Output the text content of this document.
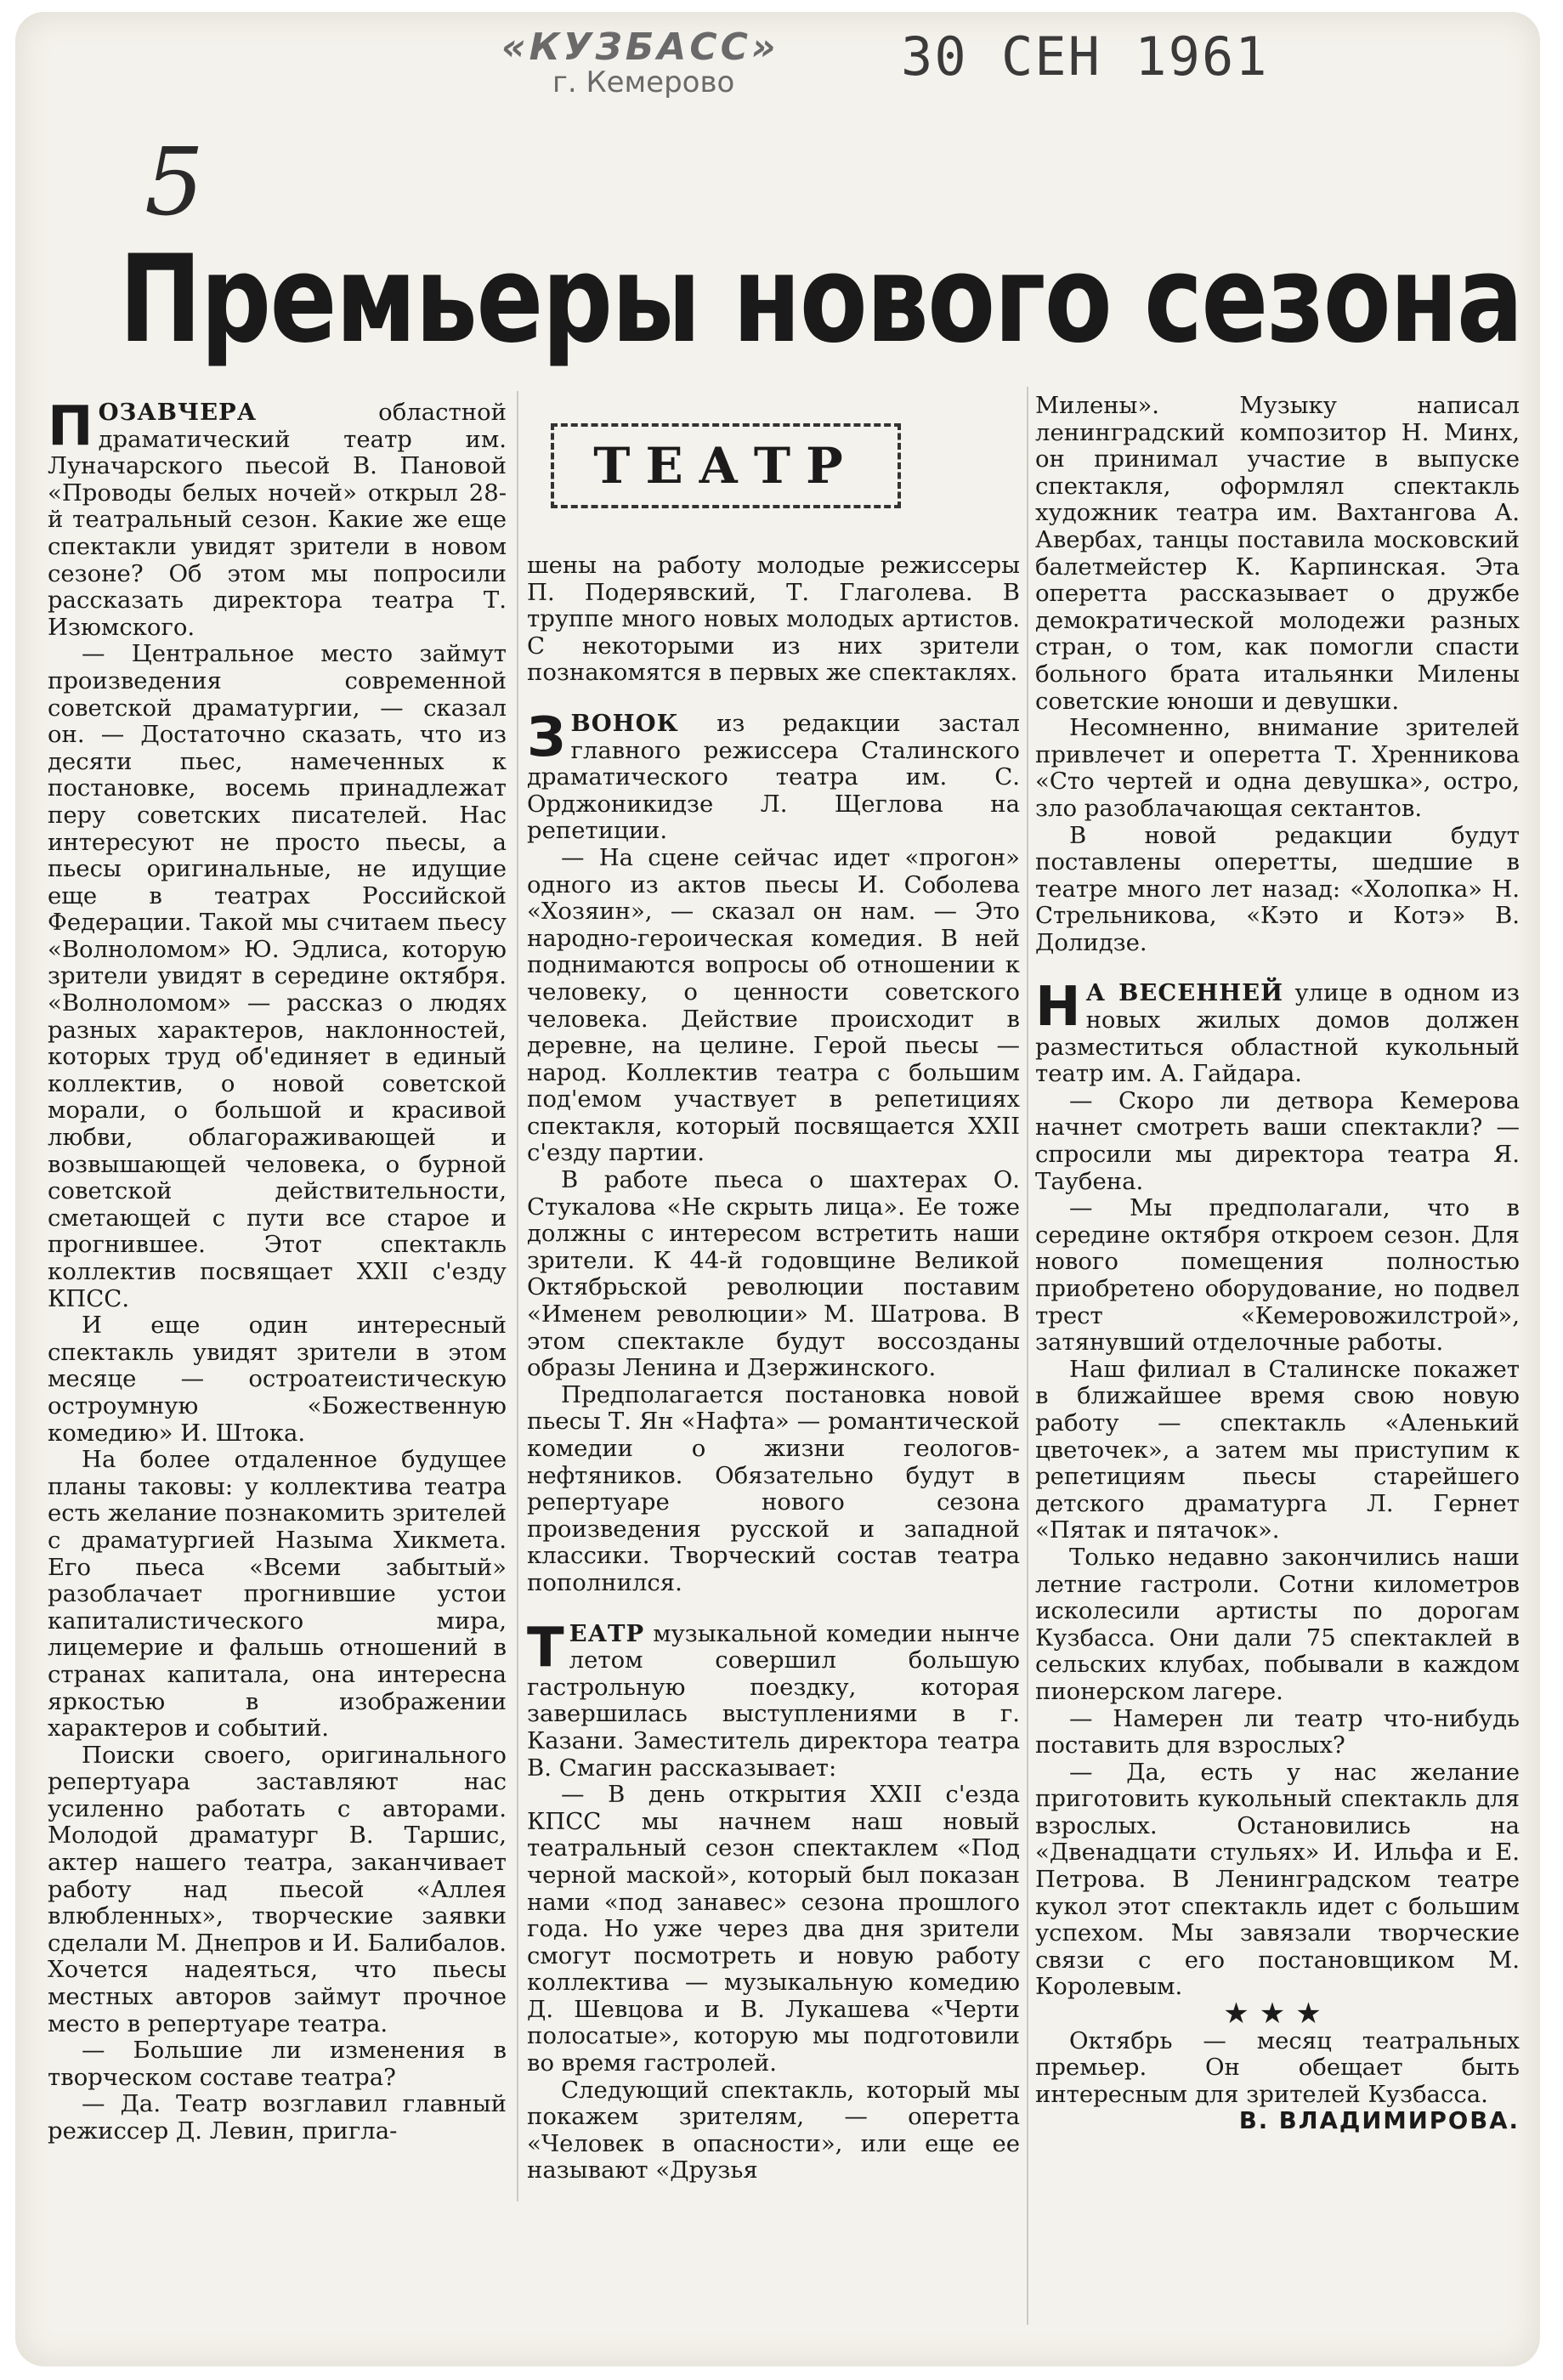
«КУЗБАСС»
г. Кемерово	30 СЕН 1961
5
Премьеры нового сезона
ТЕАТР

ПОЗАВЧЕРА областной драматический театр им. Луначарского пьесой В. Пановой «Проводы белых ночей» открыл 28-й театральный сезон. Какие же еще спектакли увидят зрители в новом сезоне? Об этом мы попросили рассказать директора театра Т. Изюмского.

— Центральное место займут произведения современной советской драматургии, — сказал он. — Достаточно сказать, что из десяти пьес, намеченных к постановке, восемь принадлежат перу советских писателей. Нас интересуют не просто пьесы, а пьесы оригинальные, не идущие еще в театрах Российской Федерации. Такой мы считаем пьесу «Волноломом» Ю. Эдлиса, которую зрители увидят в середине октября. «Волноломом» — рассказ о людях разных характеров, наклонностей, которых труд об'единяет в единый коллектив, о новой советской морали, о большой и красивой любви, облагораживающей и возвышающей человека, о бурной советской действительности, сметающей с пути все старое и прогнившее. Этот спектакль коллектив посвящает XXII с'езду КПСС.

И еще один интересный спектакль увидят зрители в этом месяце — остроатеистическую острoумную «Божественную комедию» И. Штока.

На более отдаленное будущее планы таковы: у коллектива театра есть желание познакомить зрителей с драматургией Назыма Хикмета. Его пьеса «Всеми забытый» разоблачает прогнившие устои капиталистического мира, лицемерие и фальшь отношений в странах капитала, она интересна яркостью в изображении характеров и событий.

Поиски своего, оригинального репертуара заставляют нас усиленно работать с авторами. Молодой драматург В. Таршис, актер нашего театра, заканчивает работу над пьесой «Аллея влюбленных», творческие заявки сделали М. Днепров и И. Балибалов. Хочется надеяться, что пьесы местных авторов займут прочное место в репертуаре театра.

— Большие ли изменения в творческом составе театра?

— Да. Театр возглавил главный режиссер Д. Левин, пригла-

шены на работу молодые режиссеры П. Подерявский, Т. Глаголева. В труппе много новых молодых артистов. С некоторыми из них зрители познакомятся в первых же спектаклях.

ЗВОНОК из редакции застал главного режиссера Сталинского драматического театра им. С. Орджоникидзе Л. Щеглова на репетиции.

— На сцене сейчас идет «прогон» одного из актов пьесы И. Соболева «Хозяин», — сказал он нам. — Это народно-героическая комедия. В ней поднимаются вопросы об отношении к человеку, о ценности советского человека. Действие происходит в деревне, на целине. Герой пьесы — народ. Коллектив театра с большим под'емом участвует в репетициях спектакля, который посвящается XXII с'езду партии.

В работе пьеса о шахтерах О. Стукалова «Не скрыть лица». Ее тоже должны с интересом встретить наши зрители. К 44-й годовщине Великой Октябрьской революции поставим «Именем революции» М. Шатрова. В этом спектакле будут воссозданы образы Ленина и Дзержинского.

Предполагается постановка новой пьесы Т. Ян «Нафта» — романтической комедии о жизни геологов-нефтяников. Обязательно будут в репертуаре нового сезона произведения русской и западной классики. Творческий состав театра пополнился.

ТЕАТР музыкальной комедии нынче летом совершил большую гастрольную поездку, которая завершилась выступлениями в г. Казани. Заместитель директора театра В. Смагин рассказывает:

— В день открытия XXII с'езда КПСС мы начнем наш новый театральный сезон спектаклем «Под черной маской», который был показан нами «под занавес» сезона прошлого года. Но уже через два дня зрители смогут посмотреть и новую работу коллектива — музыкальную комедию Д. Шевцова и В. Лукашева «Черти полосатые», которую мы подготовили во время гастролей.

Следующий спектакль, который мы покажем зрителям, — оперетта «Человек в опасности», или еще ее называют «Друзья

Милены». Музыку написал ленинградский композитор Н. Минх, он принимал участие в выпуске спектакля, оформлял спектакль художник театра им. Вахтангова А. Авербах, танцы поставила московский балетмейстер К. Карпинская. Эта оперетта рассказывает о дружбе демократической молодежи разных стран, о том, как помогли спасти больного брата итальянки Милены советские юноши и девушки.

Несомненно, внимание зрителей привлечет и оперетта Т. Хренникова «Сто чертей и одна девушка», остро, зло разоблачающая сектантов.

В новой редакции будут поставлены оперетты, шедшие в театре много лет назад: «Холопка» Н. Стрельникова, «Кэто и Котэ» В. Долидзе.

Н А ВЕСЕННЕЙ улице в одном из новых жилых домов должен разместиться областной кукольный театр им. А. Гайдара.

— Скоро ли детвора Кемерова начнет смотреть ваши спектакли? — спросили мы директора театра Я. Таубена.

— Мы предполагали, что в середине октября откроем сезон. Для нового помещения полностью приобретено оборудование, но подвел трест «Кемеровожилстрой», затянувший отделочные работы.

Наш филиал в Сталинске покажет в ближайшее время свою новую работу — спектакль «Аленький цветочек», а затем мы приступим к репетициям пьесы старейшего детского драматурга Л. Гернет «Пятак и пятачок».

Только недавно закончились наши летние гастроли. Сотни километров исколесили артисты по дорогам Кузбасса. Они дали 75 спектаклей в сельских клубах, побывали в каждом пионерском лагере.

— Намерен ли театр что-нибудь поставить для взрослых?

— Да, есть у нас желание приготовить кукольный спектакль для взрослых. Остановились на «Двенадцати стульях» И. Ильфа и Е. Петрова. В Ленинградском театре кукол этот спектакль идет с большим успехом. Мы завязали творческие связи с его постановщиком М. Королевым.

★★★

Октябрь — месяц театральных премьер. Он обещает быть интересным для зрителей Кузбасса.

В. ВЛАДИМИРОВА.
